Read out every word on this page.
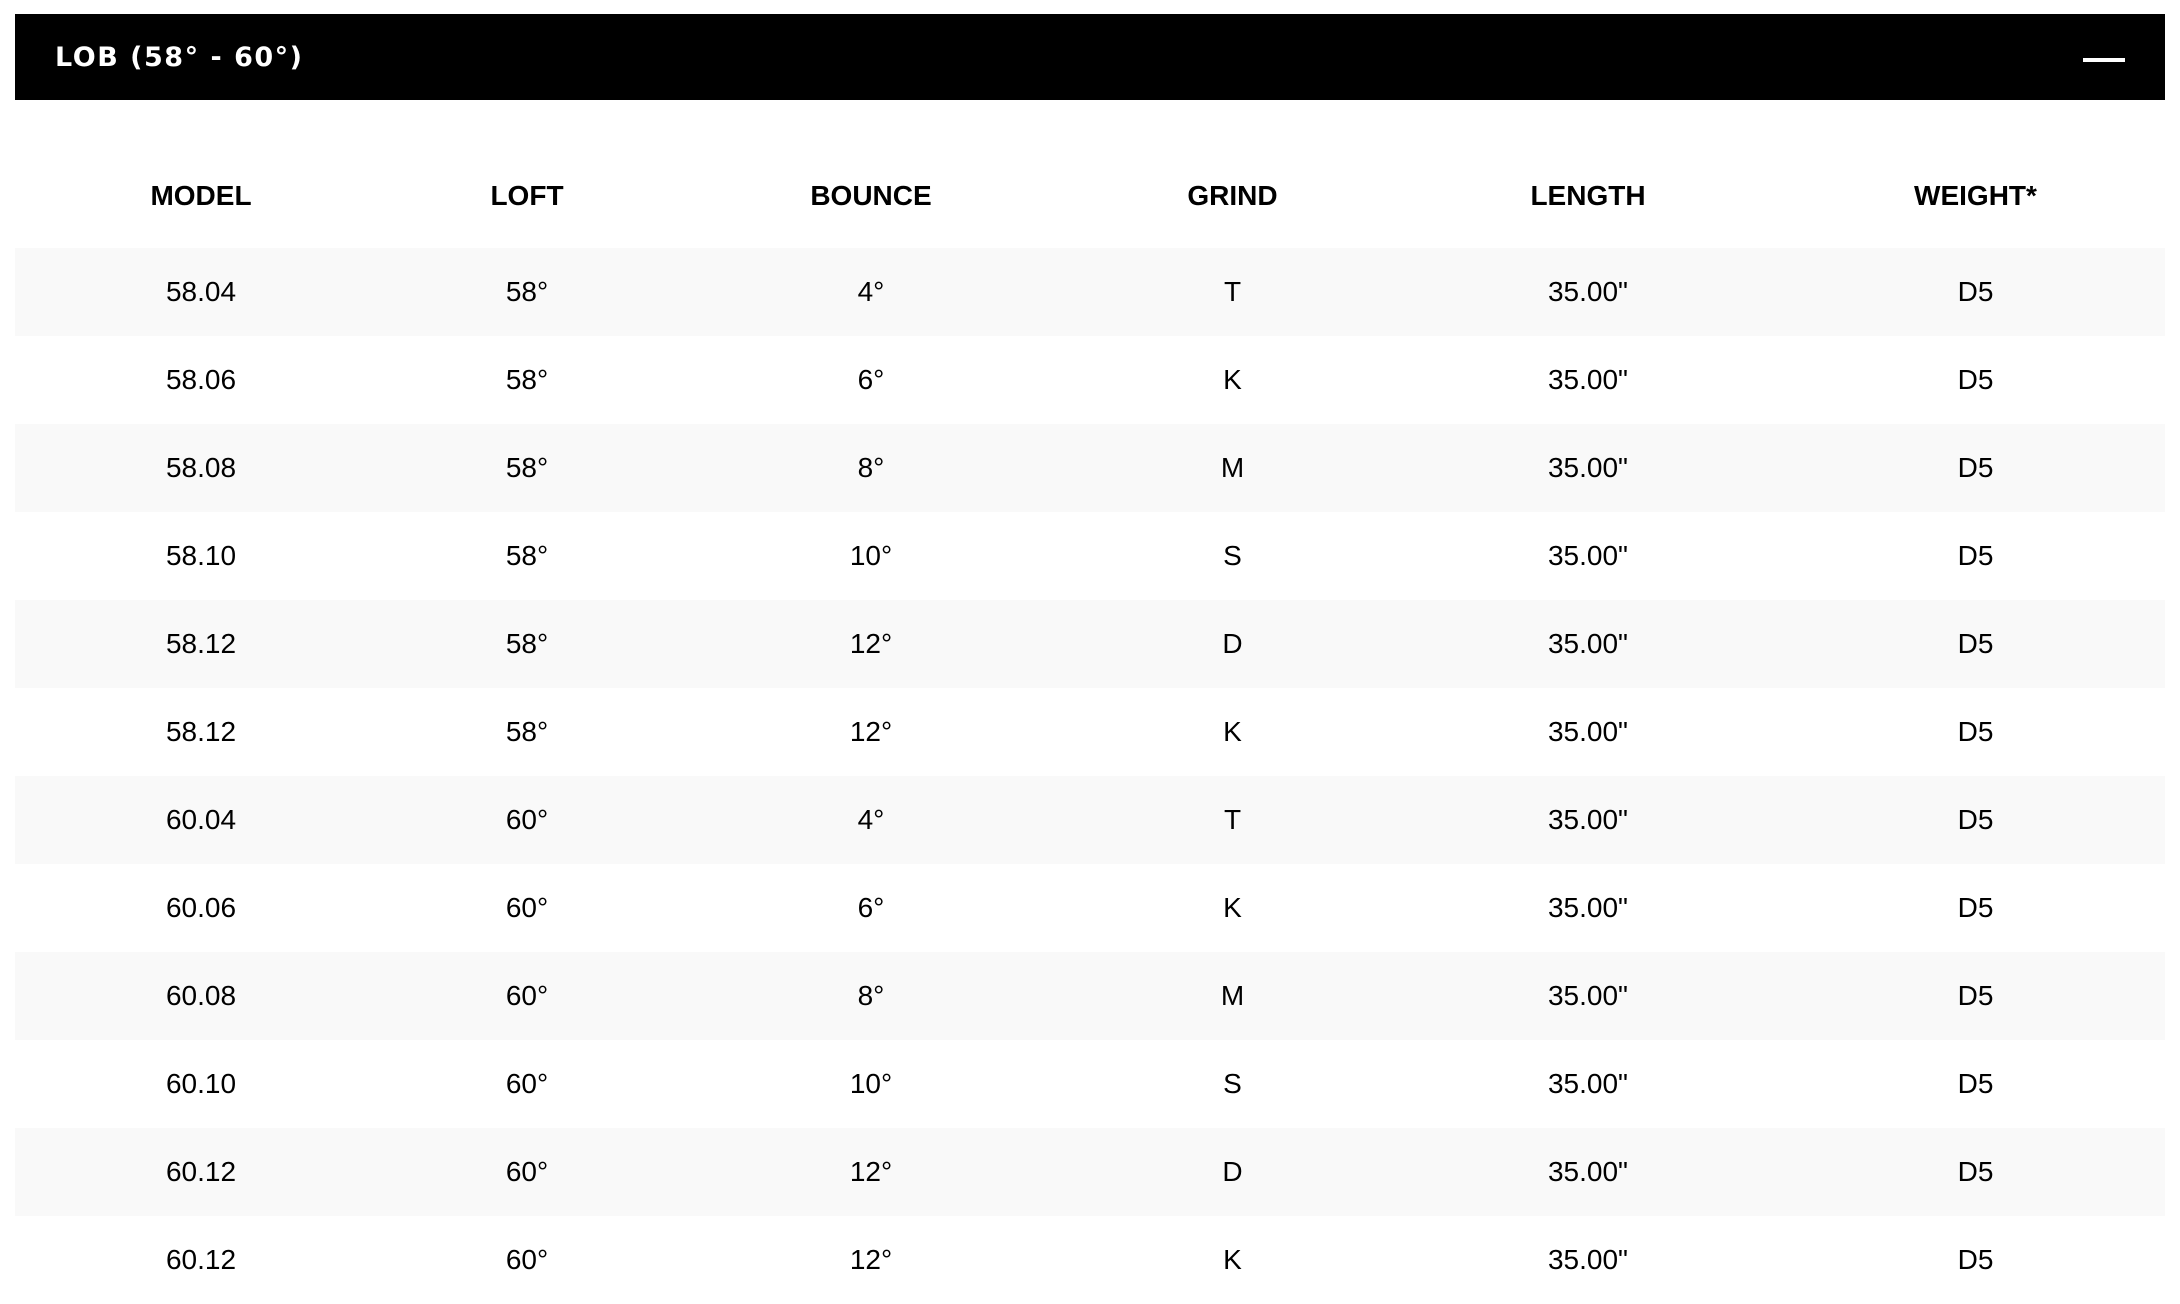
LOB (58° - 60°)
MODEL	LOFT	BOUNCE	GRIND	LENGTH	WEIGHT*
58.04	58°	4°	T	35.00"	D5
58.06	58°	6°	K	35.00"	D5
58.08	58°	8°	M	35.00"	D5
58.10	58°	10°	S	35.00"	D5
58.12	58°	12°	D	35.00"	D5
58.12	58°	12°	K	35.00"	D5
60.04	60°	4°	T	35.00"	D5
60.06	60°	6°	K	35.00"	D5
60.08	60°	8°	M	35.00"	D5
60.10	60°	10°	S	35.00"	D5
60.12	60°	12°	D	35.00"	D5
60.12	60°	12°	K	35.00"	D5
